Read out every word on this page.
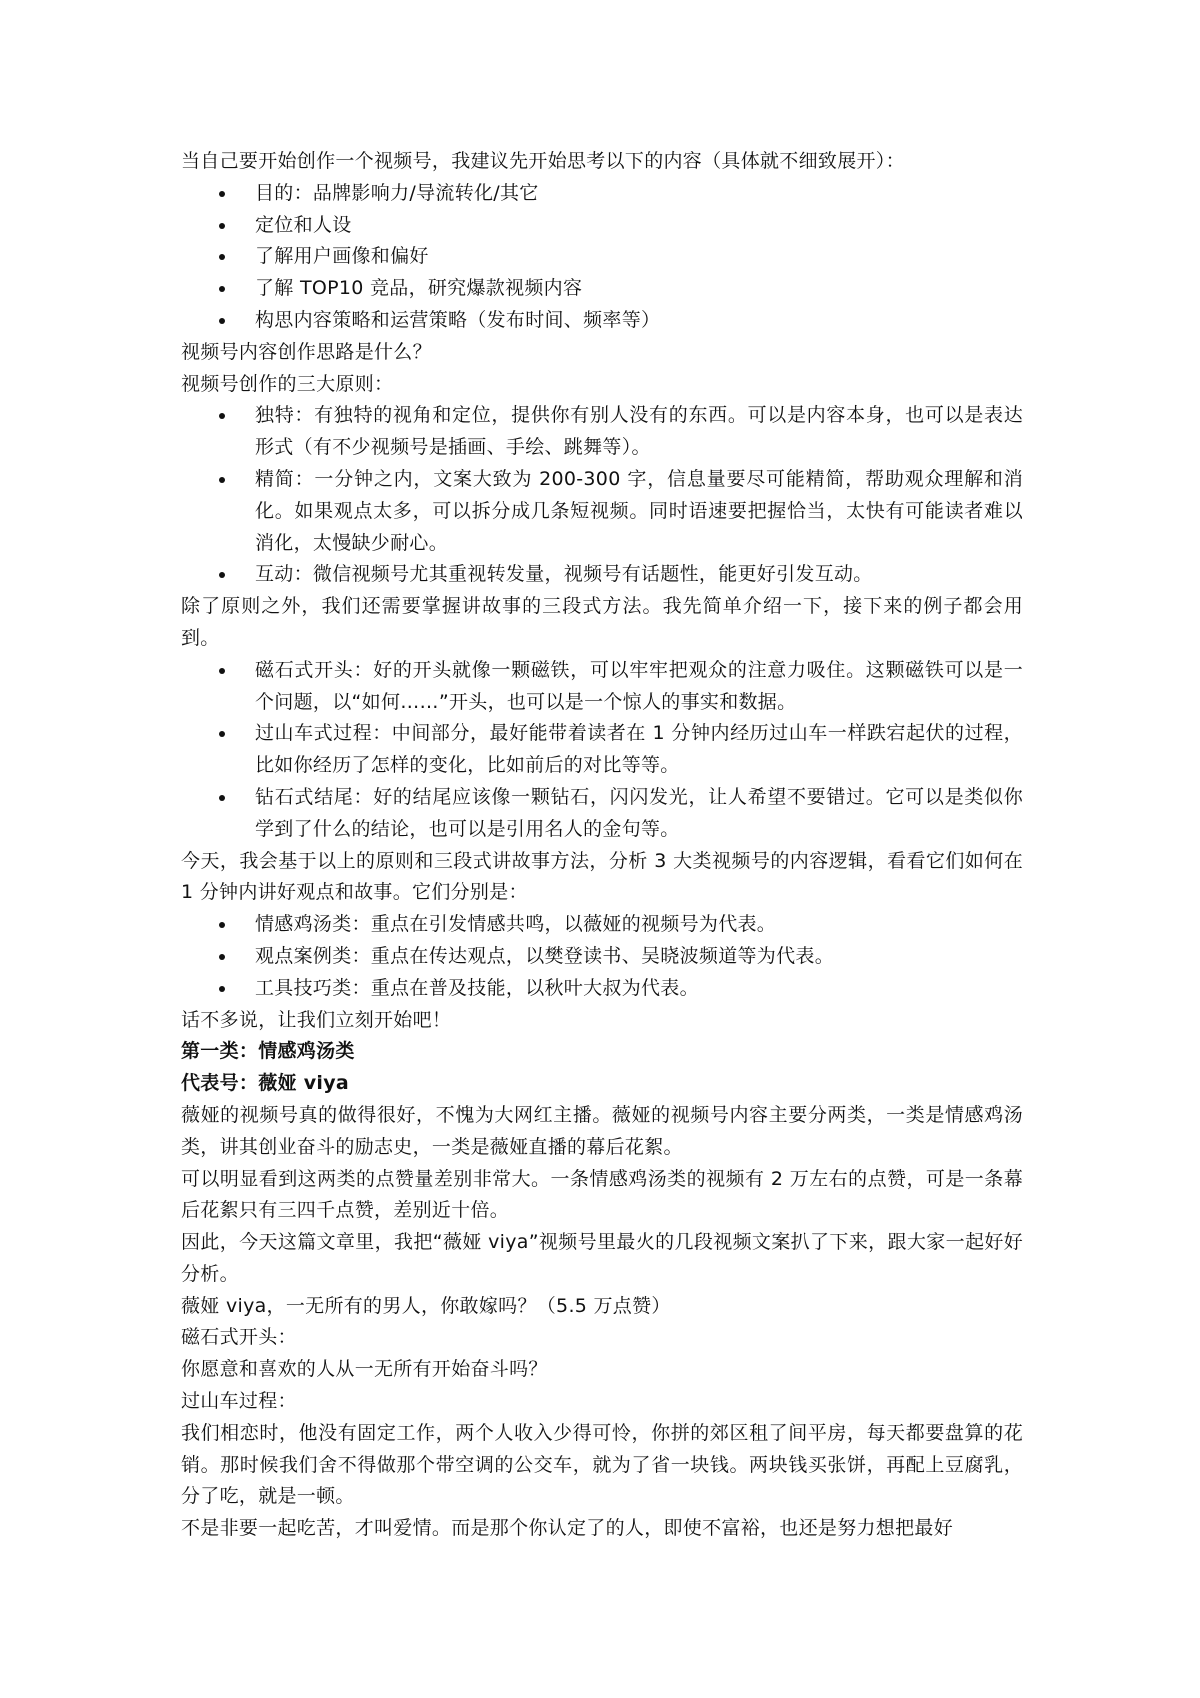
当自己要开始创作一个视频号，我建议先开始思考以下的内容（具体就不细致展开）：

目的：品牌影响力/导流转化/其它
定位和人设
了解用户画像和偏好
了解 TOP10 竞品，研究爆款视频内容
构思内容策略和运营策略（发布时间、频率等）

视频号内容创作思路是什么？

视频号创作的三大原则：

独特：有独特的视角和定位，提供你有别人没有的东西。可以是内容本身，也可以是表达形式（有不少视频号是插画、手绘、跳舞等）。
精简：一分钟之内，文案大致为 200-300 字，信息量要尽可能精简，帮助观众理解和消化。如果观点太多，可以拆分成几条短视频。同时语速要把握恰当，太快有可能读者难以消化，太慢缺少耐心。
互动：微信视频号尤其重视转发量，视频号有话题性，能更好引发互动。

除了原则之外，我们还需要掌握讲故事的三段式方法。我先简单介绍一下，接下来的例子都会用到。

磁石式开头：好的开头就像一颗磁铁，可以牢牢把观众的注意力吸住。这颗磁铁可以是一个问题，以“如何……”开头，也可以是一个惊人的事实和数据。
过山车式过程：中间部分，最好能带着读者在 1 分钟内经历过山车一样跌宕起伏的过程，比如你经历了怎样的变化，比如前后的对比等等。
钻石式结尾：好的结尾应该像一颗钻石，闪闪发光，让人希望不要错过。它可以是类似你学到了什么的结论，也可以是引用名人的金句等。

今天，我会基于以上的原则和三段式讲故事方法，分析 3 大类视频号的内容逻辑，看看它们如何在 1 分钟内讲好观点和故事。它们分别是：

情感鸡汤类：重点在引发情感共鸣，以薇娅的视频号为代表。
观点案例类：重点在传达观点，以樊登读书、吴晓波频道等为代表。
工具技巧类：重点在普及技能，以秋叶大叔为代表。

话不多说，让我们立刻开始吧！

第一类：情感鸡汤类

代表号：薇娅 viya

薇娅的视频号真的做得很好，不愧为大网红主播。薇娅的视频号内容主要分两类，一类是情感鸡汤类，讲其创业奋斗的励志史，一类是薇娅直播的幕后花絮。

可以明显看到这两类的点赞量差别非常大。一条情感鸡汤类的视频有 2 万左右的点赞，可是一条幕后花絮只有三四千点赞，差别近十倍。

因此，今天这篇文章里，我把“薇娅 viya”视频号里最火的几段视频文案扒了下来，跟大家一起好好分析。

薇娅 viya，一无所有的男人，你敢嫁吗？（5.5 万点赞）

磁石式开头：

你愿意和喜欢的人从一无所有开始奋斗吗？

过山车过程：

我们相恋时，他没有固定工作，两个人收入少得可怜，你拼的郊区租了间平房，每天都要盘算的花销。那时候我们舍不得做那个带空调的公交车，就为了省一块钱。两块钱买张饼，再配上豆腐乳，分了吃，就是一顿。

不是非要一起吃苦，才叫爱情。而是那个你认定了的人，即使不富裕，也还是努力想把最好
